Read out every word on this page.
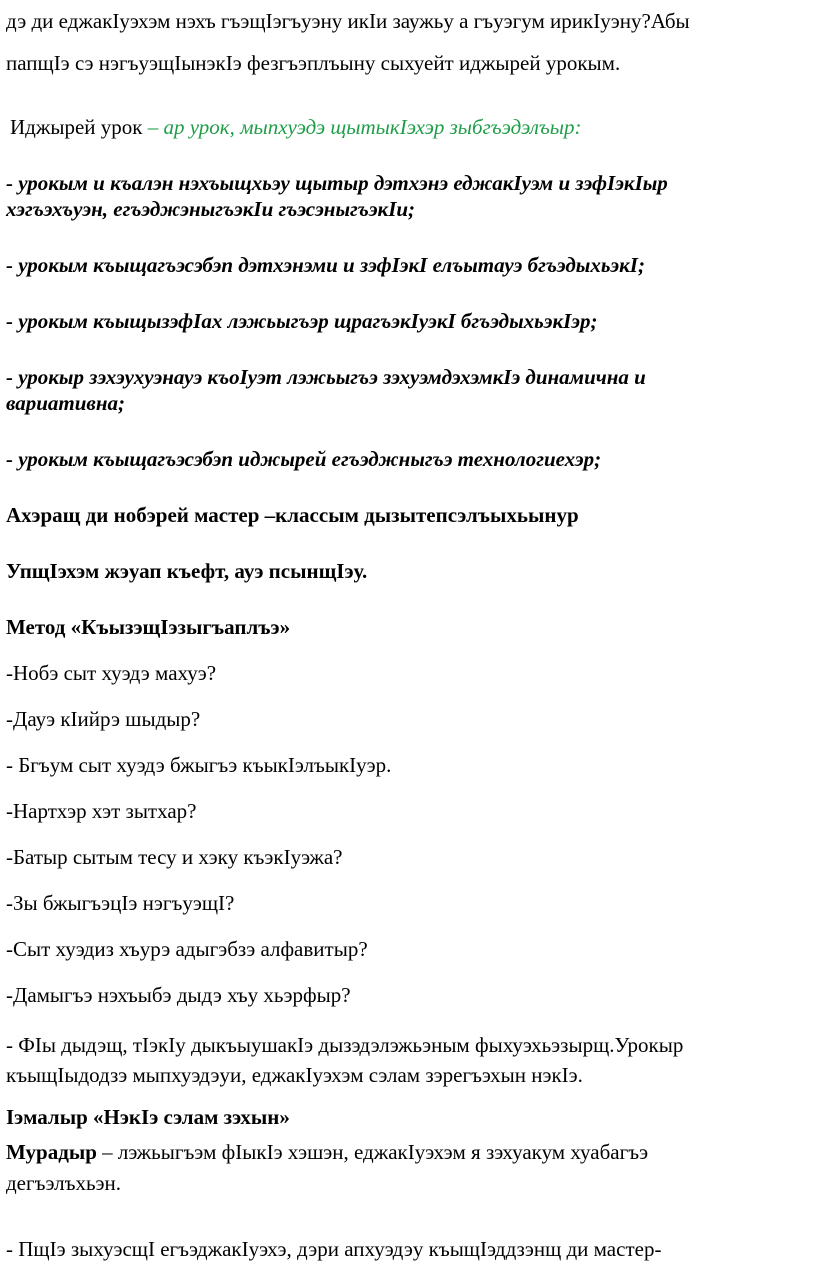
дэ ди еджакIуэхэм нэхъ гъэщIэгъуэну икIи заужьу а гъуэгум ирикIуэну?Абы
папщIэ сэ нэгъуэщIынэкIэ фезгъэплъыну сыхуейт иджырей урокым.
Иджырей урок – ар урок, мыпхуэдэ щытыкIэхэр зыбгъэдэлъыр:
- урокым и къалэн нэхъыщхьэу щытыр дэтхэнэ еджакIуэм и зэфIэкIыр
хэгъэхъуэн, егъэджэныгъэкIи гъэсэныгъэкIи;
- урокым къыщагъэсэбэп дэтхэнэми и зэфIэкI елъытауэ бгъэдыхьэкI;
- урокым къыщызэфIах лэжьыгъэр щрагъэкIуэкI бгъэдыхьэкIэр;
- урокыр зэхэухуэнауэ къоIуэт лэжьыгъэ зэхуэмдэхэмкIэ динамична и
вариативна;
- урокым къыщагъэсэбэп иджырей егъэджныгъэ технологиехэр;
Ахэращ ди нобэрей мастер –классым дызытепсэлъыхьынур
УпщIэхэм жэуап къефт, ауэ псынщIэу.
Метод «КъызэщIэзыгъаплъэ»
-Нобэ сыт хуэдэ махуэ?
-Дауэ кIийрэ шыдыр?
- Бгъум сыт хуэдэ бжыгъэ къыкIэлъыкIуэр.
-Нартхэр хэт зытхар?
-Батыр сытым тесу и хэку къэкIуэжа?
-Зы бжыгъэцIэ нэгъуэщI?
-Сыт хуэдиз хъурэ адыгэбзэ алфавитыр?
-Дамыгъэ нэхъыбэ дыдэ хъу хьэрфыр?
- ФIы дыдэщ, тIэкIу дыкъыушакIэ дызэдэлэжьэным фыхуэхьэзырщ.Урокыр
къыщIыдодзэ мыпхуэдэуи, еджакIуэхэм сэлам зэрегъэхын нэкIэ.
Iэмалыр «НэкIэ сэлам зэхын»
Мурадыр – лэжьыгъэм фIыкIэ хэшэн, еджакIуэхэм я зэхуакум хуабагъэ
дегъэлъхьэн.
- ПщIэ зыхуэсщI егъэджакIуэхэ, дэри апхуэдэу къыщIэддзэнщ ди мастер-
